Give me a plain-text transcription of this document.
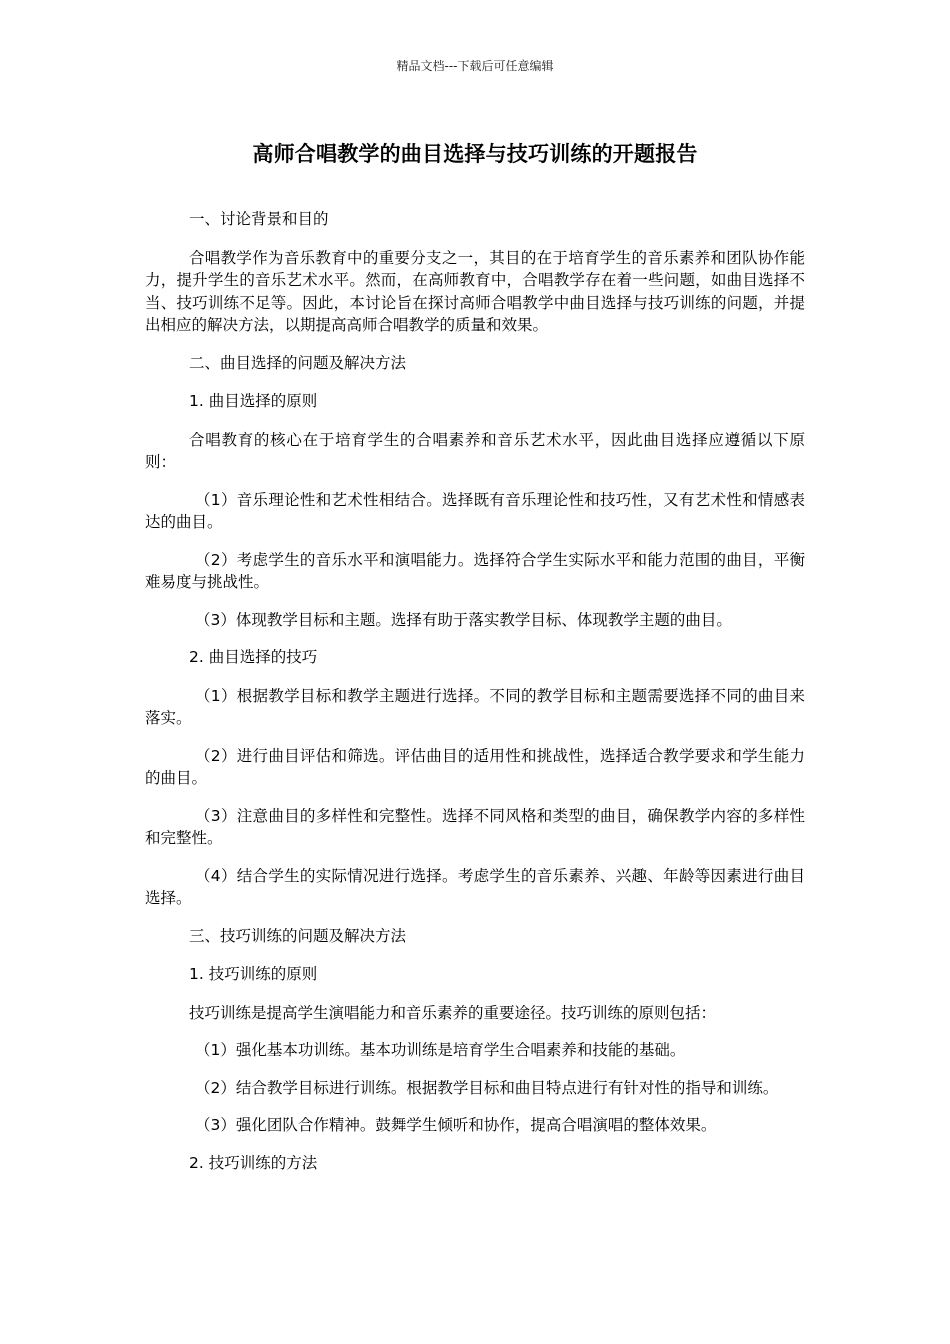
精品文档---下载后可任意编辑
高师合唱教学的曲目选择与技巧训练的开题报告

一、讨论背景和目的

合唱教学作为音乐教育中的重要分支之一，其目的在于培育学生的音乐素养和团队协作能力，提升学生的音乐艺术水平。然而，在高师教育中，合唱教学存在着一些问题，如曲目选择不当、技巧训练不足等。因此，本讨论旨在探讨高师合唱教学中曲目选择与技巧训练的问题，并提出相应的解决方法，以期提高高师合唱教学的质量和效果。

二、曲目选择的问题及解决方法

1. 曲目选择的原则

合唱教育的核心在于培育学生的合唱素养和音乐艺术水平，因此曲目选择应遵循以下原则：

（1）音乐理论性和艺术性相结合。选择既有音乐理论性和技巧性，又有艺术性和情感表达的曲目。

（2）考虑学生的音乐水平和演唱能力。选择符合学生实际水平和能力范围的曲目，平衡难易度与挑战性。

（3）体现教学目标和主题。选择有助于落实教学目标、体现教学主题的曲目。

2. 曲目选择的技巧

（1）根据教学目标和教学主题进行选择。不同的教学目标和主题需要选择不同的曲目来落实。

（2）进行曲目评估和筛选。评估曲目的适用性和挑战性，选择适合教学要求和学生能力的曲目。

（3）注意曲目的多样性和完整性。选择不同风格和类型的曲目，确保教学内容的多样性和完整性。

（4）结合学生的实际情况进行选择。考虑学生的音乐素养、兴趣、年龄等因素进行曲目选择。

三、技巧训练的问题及解决方法

1. 技巧训练的原则

技巧训练是提高学生演唱能力和音乐素养的重要途径。技巧训练的原则包括：

（1）强化基本功训练。基本功训练是培育学生合唱素养和技能的基础。

（2）结合教学目标进行训练。根据教学目标和曲目特点进行有针对性的指导和训练。

（3）强化团队合作精神。鼓舞学生倾听和协作，提高合唱演唱的整体效果。

2. 技巧训练的方法
